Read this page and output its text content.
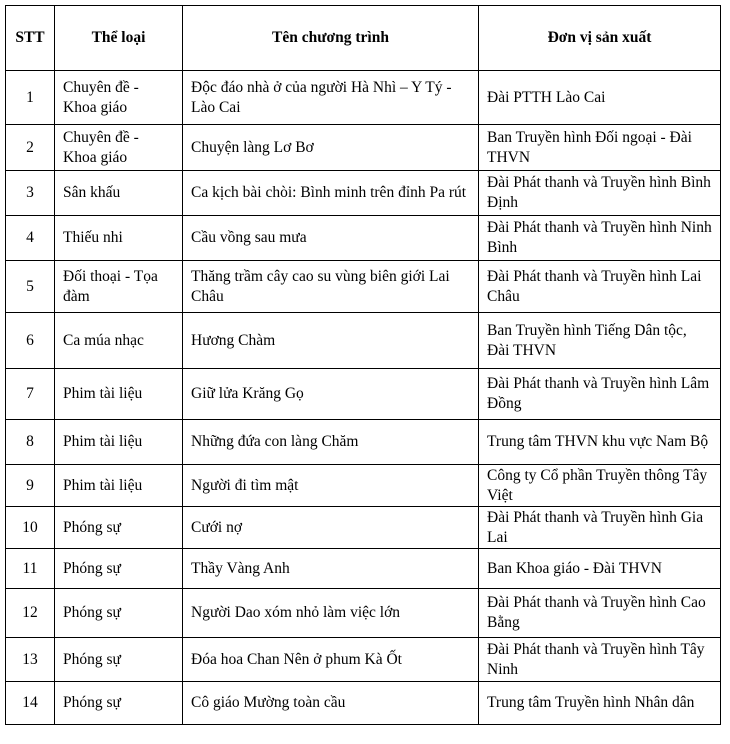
STT	Thể loại	Tên chương trình	Đơn vị sản xuất
1	Chuyên đề - Khoa giáo	Độc đáo nhà ở của người Hà Nhì – Y Tý - Lào Cai	Đài PTTH Lào Cai
2	Chuyên đề - Khoa giáo	Chuyện làng Lơ Bơ	Ban Truyền hình Đối ngoại - Đài THVN
3	Sân khấu	Ca kịch bài chòi: Bình minh trên đỉnh Pa rút	Đài Phát thanh và Truyền hình Bình Định
4	Thiếu nhi	Cầu vồng sau mưa	Đài Phát thanh và Truyền hình Ninh Bình
5	Đối thoại - Tọa đàm	Thăng trầm cây cao su vùng biên giới Lai Châu	Đài Phát thanh và Truyền hình Lai Châu
6	Ca múa nhạc	Hương Chàm	Ban Truyền hình Tiếng Dân tộc, Đài THVN
7	Phim tài liệu	Giữ lửa Krăng Gọ	Đài Phát thanh và Truyền hình Lâm Đồng
8	Phim tài liệu	Những đứa con làng Chăm	Trung tâm THVN khu vực Nam Bộ
9	Phim tài liệu	Người đi tìm mật	Công ty Cổ phần Truyền thông Tây Việt
10	Phóng sự	Cưới nợ	Đài Phát thanh và Truyền hình Gia Lai
11	Phóng sự	Thầy Vàng Anh	Ban Khoa giáo - Đài THVN
12	Phóng sự	Người Dao xóm nhỏ làm việc lớn	Đài Phát thanh và Truyền hình Cao Bằng
13	Phóng sự	Đóa hoa Chan Nên ở phum Kà Ốt	Đài Phát thanh và Truyền hình Tây Ninh
14	Phóng sự	Cô giáo Mường toàn cầu	Trung tâm Truyền hình Nhân dân
